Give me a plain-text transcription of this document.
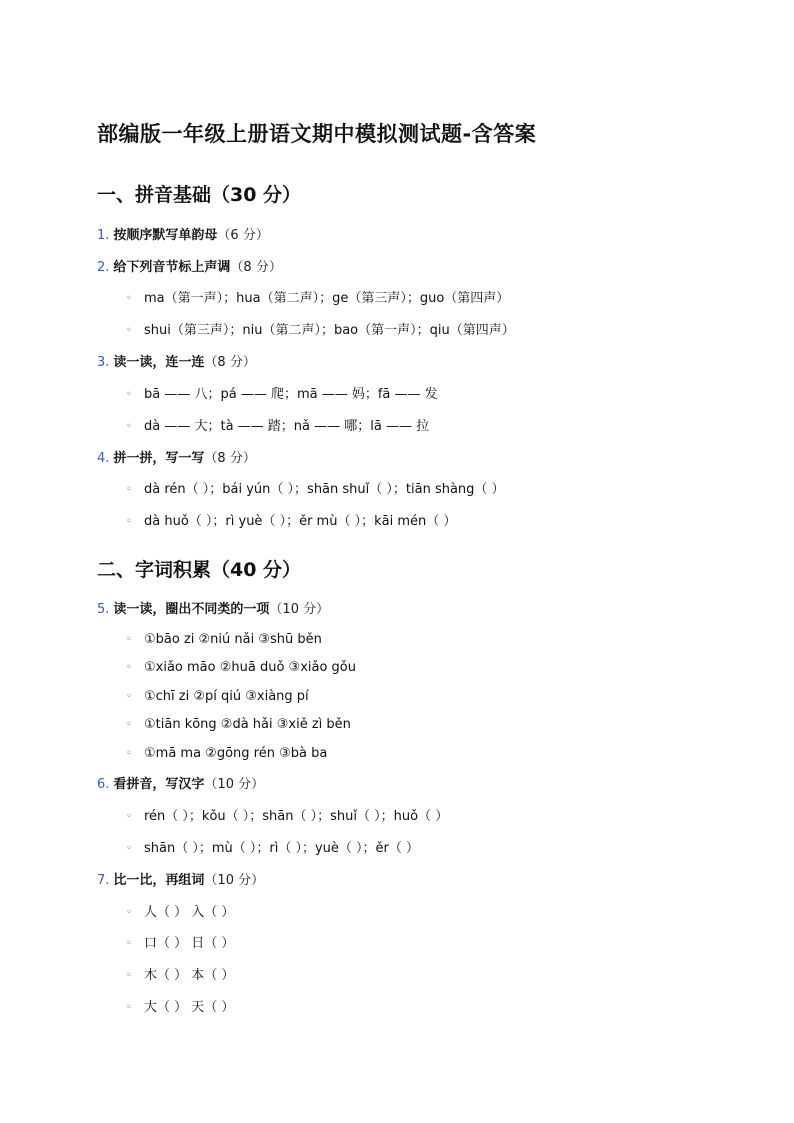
部编版一年级上册语文期中模拟测试题-含答案
一、拼音基础（30 分）
1. 按顺序默写单韵母（6 分）
2. 给下列音节标上声调（8 分）
◦ ma（第一声）；hua（第二声）；ge（第三声）；guo（第四声）
◦ shui（第三声）；niu（第二声）；bao（第一声）；qiu（第四声）
3. 读一读，连一连（8 分）
◦ bā —— 八；pá —— 爬；mā —— 妈；fā —— 发
◦ dà —— 大；tà —— 踏；nǎ —— 哪；lā —— 拉
4. 拼一拼，写一写（8 分）
◦ dà rén（ ）；bái yún（ ）；shān shuǐ（ ）；tiān shàng（ ）
◦ dà huǒ（ ）；rì yuè（ ）；ěr mù（ ）；kāi mén（ ）
二、字词积累（40 分）
5. 读一读，圈出不同类的一项（10 分）
◦ ①bāo zi ②niú nǎi ③shū běn
◦ ①xiǎo māo ②huā duǒ ③xiǎo gǒu
◦ ①chī zi ②pí qiú ③xiàng pí
◦ ①tiān kōng ②dà hǎi ③xiě zì běn
◦ ①mā ma ②gōng rén ③bà ba
6. 看拼音，写汉字（10 分）
◦ rén（ ）；kǒu（ ）；shān（ ）；shuǐ（ ）；huǒ（ ）
◦ shān（ ）；mù（ ）；rì（ ）；yuè（ ）；ěr（ ）
7. 比一比，再组词（10 分）
◦ 人（ ） 入（ ）
◦ 口（ ） 日（ ）
◦ 木（ ） 本（ ）
◦ 大（ ） 天（ ）
